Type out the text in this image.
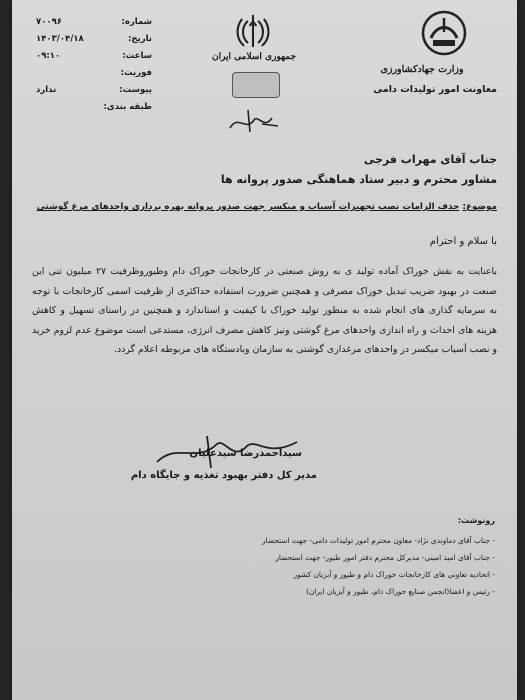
شماره:
۷۰۰۹۶
تاریخ:
۱۴۰۳/۰۴/۱۸
ساعت:
۰۹:۱۰
فوریت:
پیوست:
ندارد
طبقه بندی:
جمهوری اسلامی ایران
وزارت جهادکشاورزی
معاونت امور تولیدات دامی
جناب آقای مهراب فرجی
مشاور محترم و دبیر ستاد هماهنگی صدور پروانه ها
موضوع: حذف الزامات نصب تجهیزات آسیاب و میکسر جهت صدور پروانه بهره برداری واحدهای مرغ گوشتی
با سلام و احترام
باعنایت به نقش خوراک آماده تولید ی به روش صنعتی در کارخانجات خوراک دام وطیوروظرفیت ۲۷ میلیون تنی این صنعت در بهبود ضریب تبدیل خوراک مصرفی و همچنین ضرورت استفاده حداکثری از ظرفیت اسمی کارخانجات با توجه به سرمایه گذاری های انجام شده به منظور تولید خوراک با کیفیت و استاندارد و همچنین در راستای تسهیل و کاهش هزینه های احداث و راه اندازی واحدهای مرغ گوشتی ونیز کاهش مصرف انرژی، مستدعی است موضوع عدم لزوم خرید و نصب آسیاب میکسر در واحدهای مرغداری گوشتی به سازمان وبادستگاه های مربوطه اعلام گردد.
سیداحمدرضا سیدعلیان
مدیر کل دفتر بهبود تغذیه و جایگاه دام
رونوشت:
- جناب آقای دماوندی نژاد- معاون محترم امور تولیدات دامی- جهت استحضار
- جناب آقای امید امینی- مدیرکل محترم دفتر امور طیور- جهت استحضار
- اتحادیه تعاونی های کارخانجات خوراک دام و طیور و آبزیان کشور
- رئیس و اعضا(انجمن صنایع خوراک دام، طیور و آبزیان ایران)
